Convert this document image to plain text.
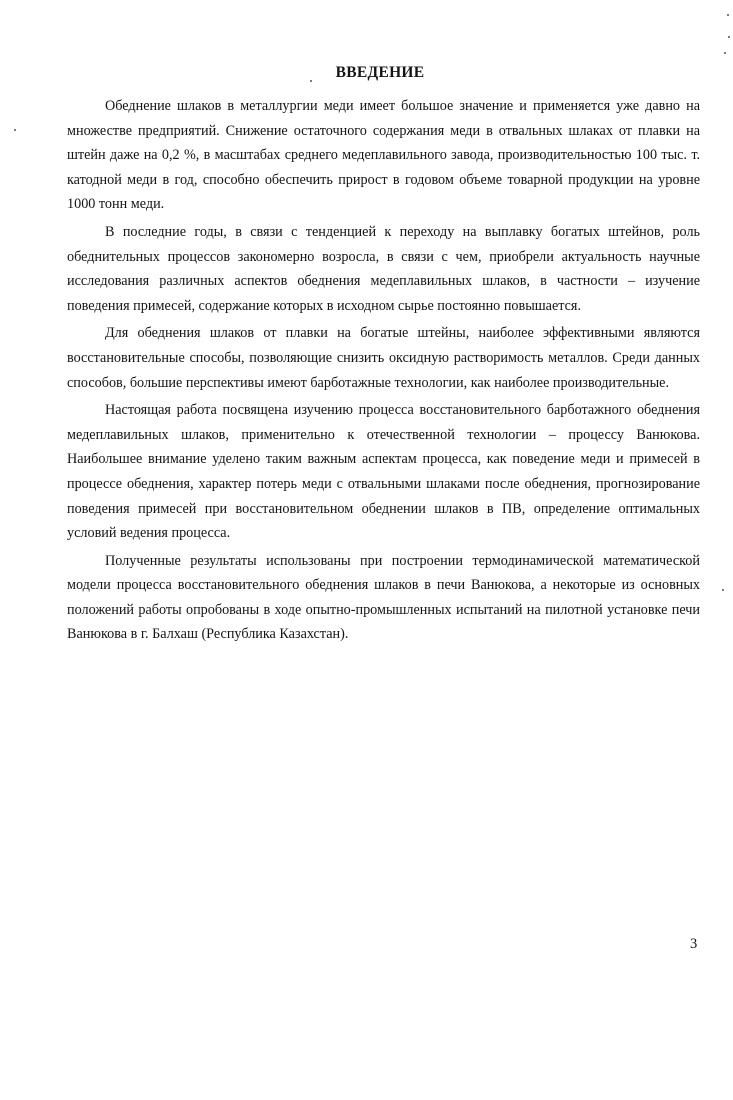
ВВЕДЕНИЕ

Обеднение шлаков в металлургии меди имеет большое значение и применяется уже давно на множестве предприятий. Снижение остаточного содержания меди в отвальных шлаках от плавки на штейн даже на 0,2 %, в масштабах среднего медеплавильного завода, производительностью 100 тыс. т. катодной меди в год, способно обеспечить прирост в годовом объеме товарной продукции на уровне 1000 тонн меди.

В последние годы, в связи с тенденцией к переходу на выплавку богатых штейнов, роль обеднительных процессов закономерно возросла, в связи с чем, приобрели актуальность научные исследования различных аспектов обеднения медеплавильных шлаков, в частности – изучение поведения примесей, содержание которых в исходном сырье постоянно повышается.

Для обеднения шлаков от плавки на богатые штейны, наиболее эффективными являются восстановительные способы, позволяющие снизить оксидную растворимость металлов. Среди данных способов, большие перспективы имеют барботажные технологии, как наиболее производительные.

Настоящая работа посвящена изучению процесса восстановительного барботажного обеднения медеплавильных шлаков, применительно к отечественной технологии – процессу Ванюкова. Наибольшее внимание уделено таким важным аспектам процесса, как поведение меди и примесей в процессе обеднения, характер потерь меди с отвальными шлаками после обеднения, прогнозирование поведения примесей при восстановительном обеднении шлаков в ПВ, определение оптимальных условий ведения процесса.

Полученные результаты использованы при построении термодинамической математической модели процесса восстановительного обеднения шлаков в печи Ванюкова, а некоторые из основных положений работы опробованы в ходе опытно-промышленных испытаний на пилотной установке печи Ванюкова в г. Балхаш (Республика Казахстан).

3
